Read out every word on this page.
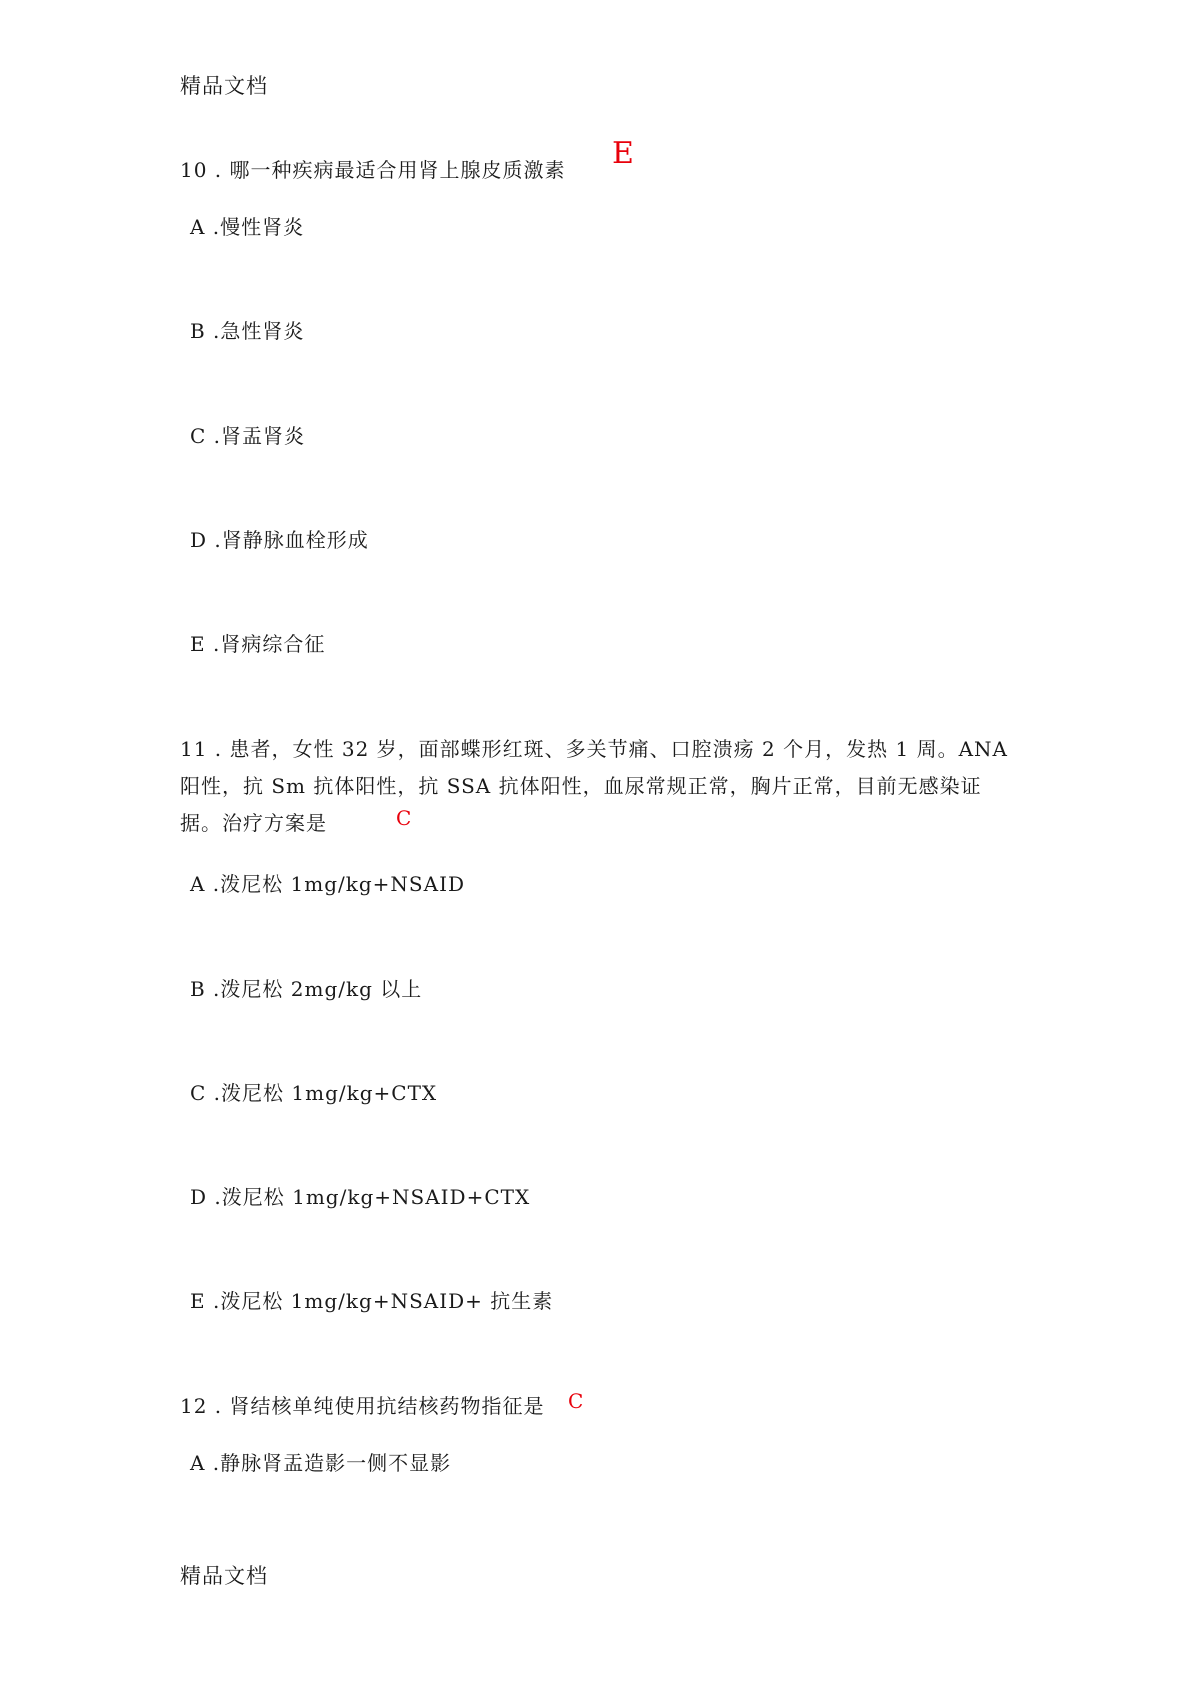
精品文档
10 . 哪一种疾病最适合用肾上腺皮质激素 E
A .慢性肾炎
B .急性肾炎
C .肾盂肾炎
D .肾静脉血栓形成
E .肾病综合征
11 . 患者，女性 32 岁，面部蝶形红斑、多关节痛、口腔溃疡 2 个月，发热 1 周。ANA
阳性，抗 Sm 抗体阳性，抗 SSA 抗体阳性，血尿常规正常，胸片正常，目前无感染证
据。治疗方案是	C
A .泼尼松 1mg/kg+NSAID
B .泼尼松 2mg/kg 以上
C .泼尼松 1mg/kg+CTX
D .泼尼松 1mg/kg+NSAID+CTX
E .泼尼松 1mg/kg+NSAID+ 抗生素
12 . 肾结核单纯使用抗结核药物指征是 C
A .静脉肾盂造影一侧不显影
精品文档
